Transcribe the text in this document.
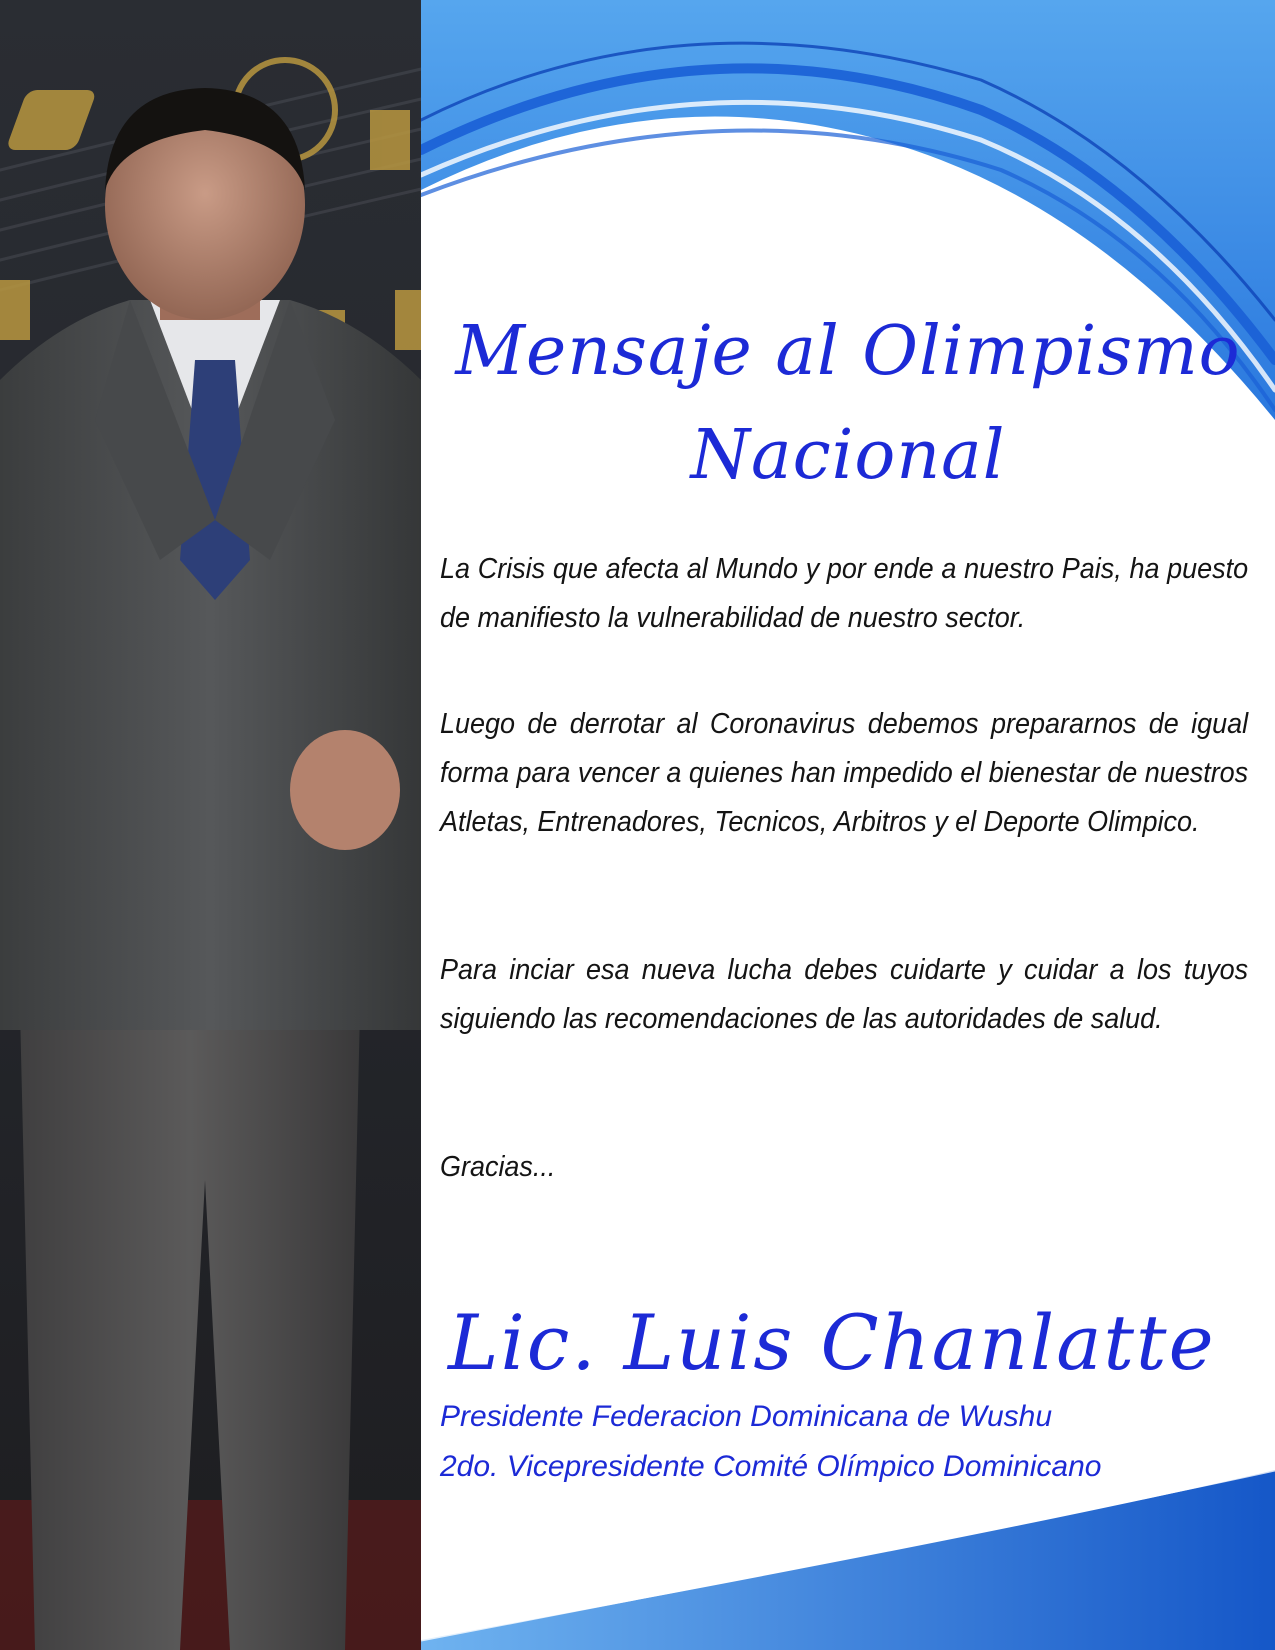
Mensaje al Olimpismo
Nacional
La Crisis que afecta al Mundo y por ende a nuestro Pais, ha puesto de manifiesto la vulnerabilidad de nuestro sector.
Luego de derrotar al Coronavirus debemos prepararnos de igual forma para vencer a quienes han impedido el bienestar de nuestros Atletas, Entrenadores, Tecnicos, Arbitros y el Deporte Olimpico.
Para inciar esa nueva lucha debes cuidarte y cuidar a los tuyos siguiendo las recomendaciones de las autoridades de salud.
Gracias...
Lic. Luis Chanlatte
Presidente Federacion Dominicana de Wushu
2do. Vicepresidente Comité Olímpico Dominicano
